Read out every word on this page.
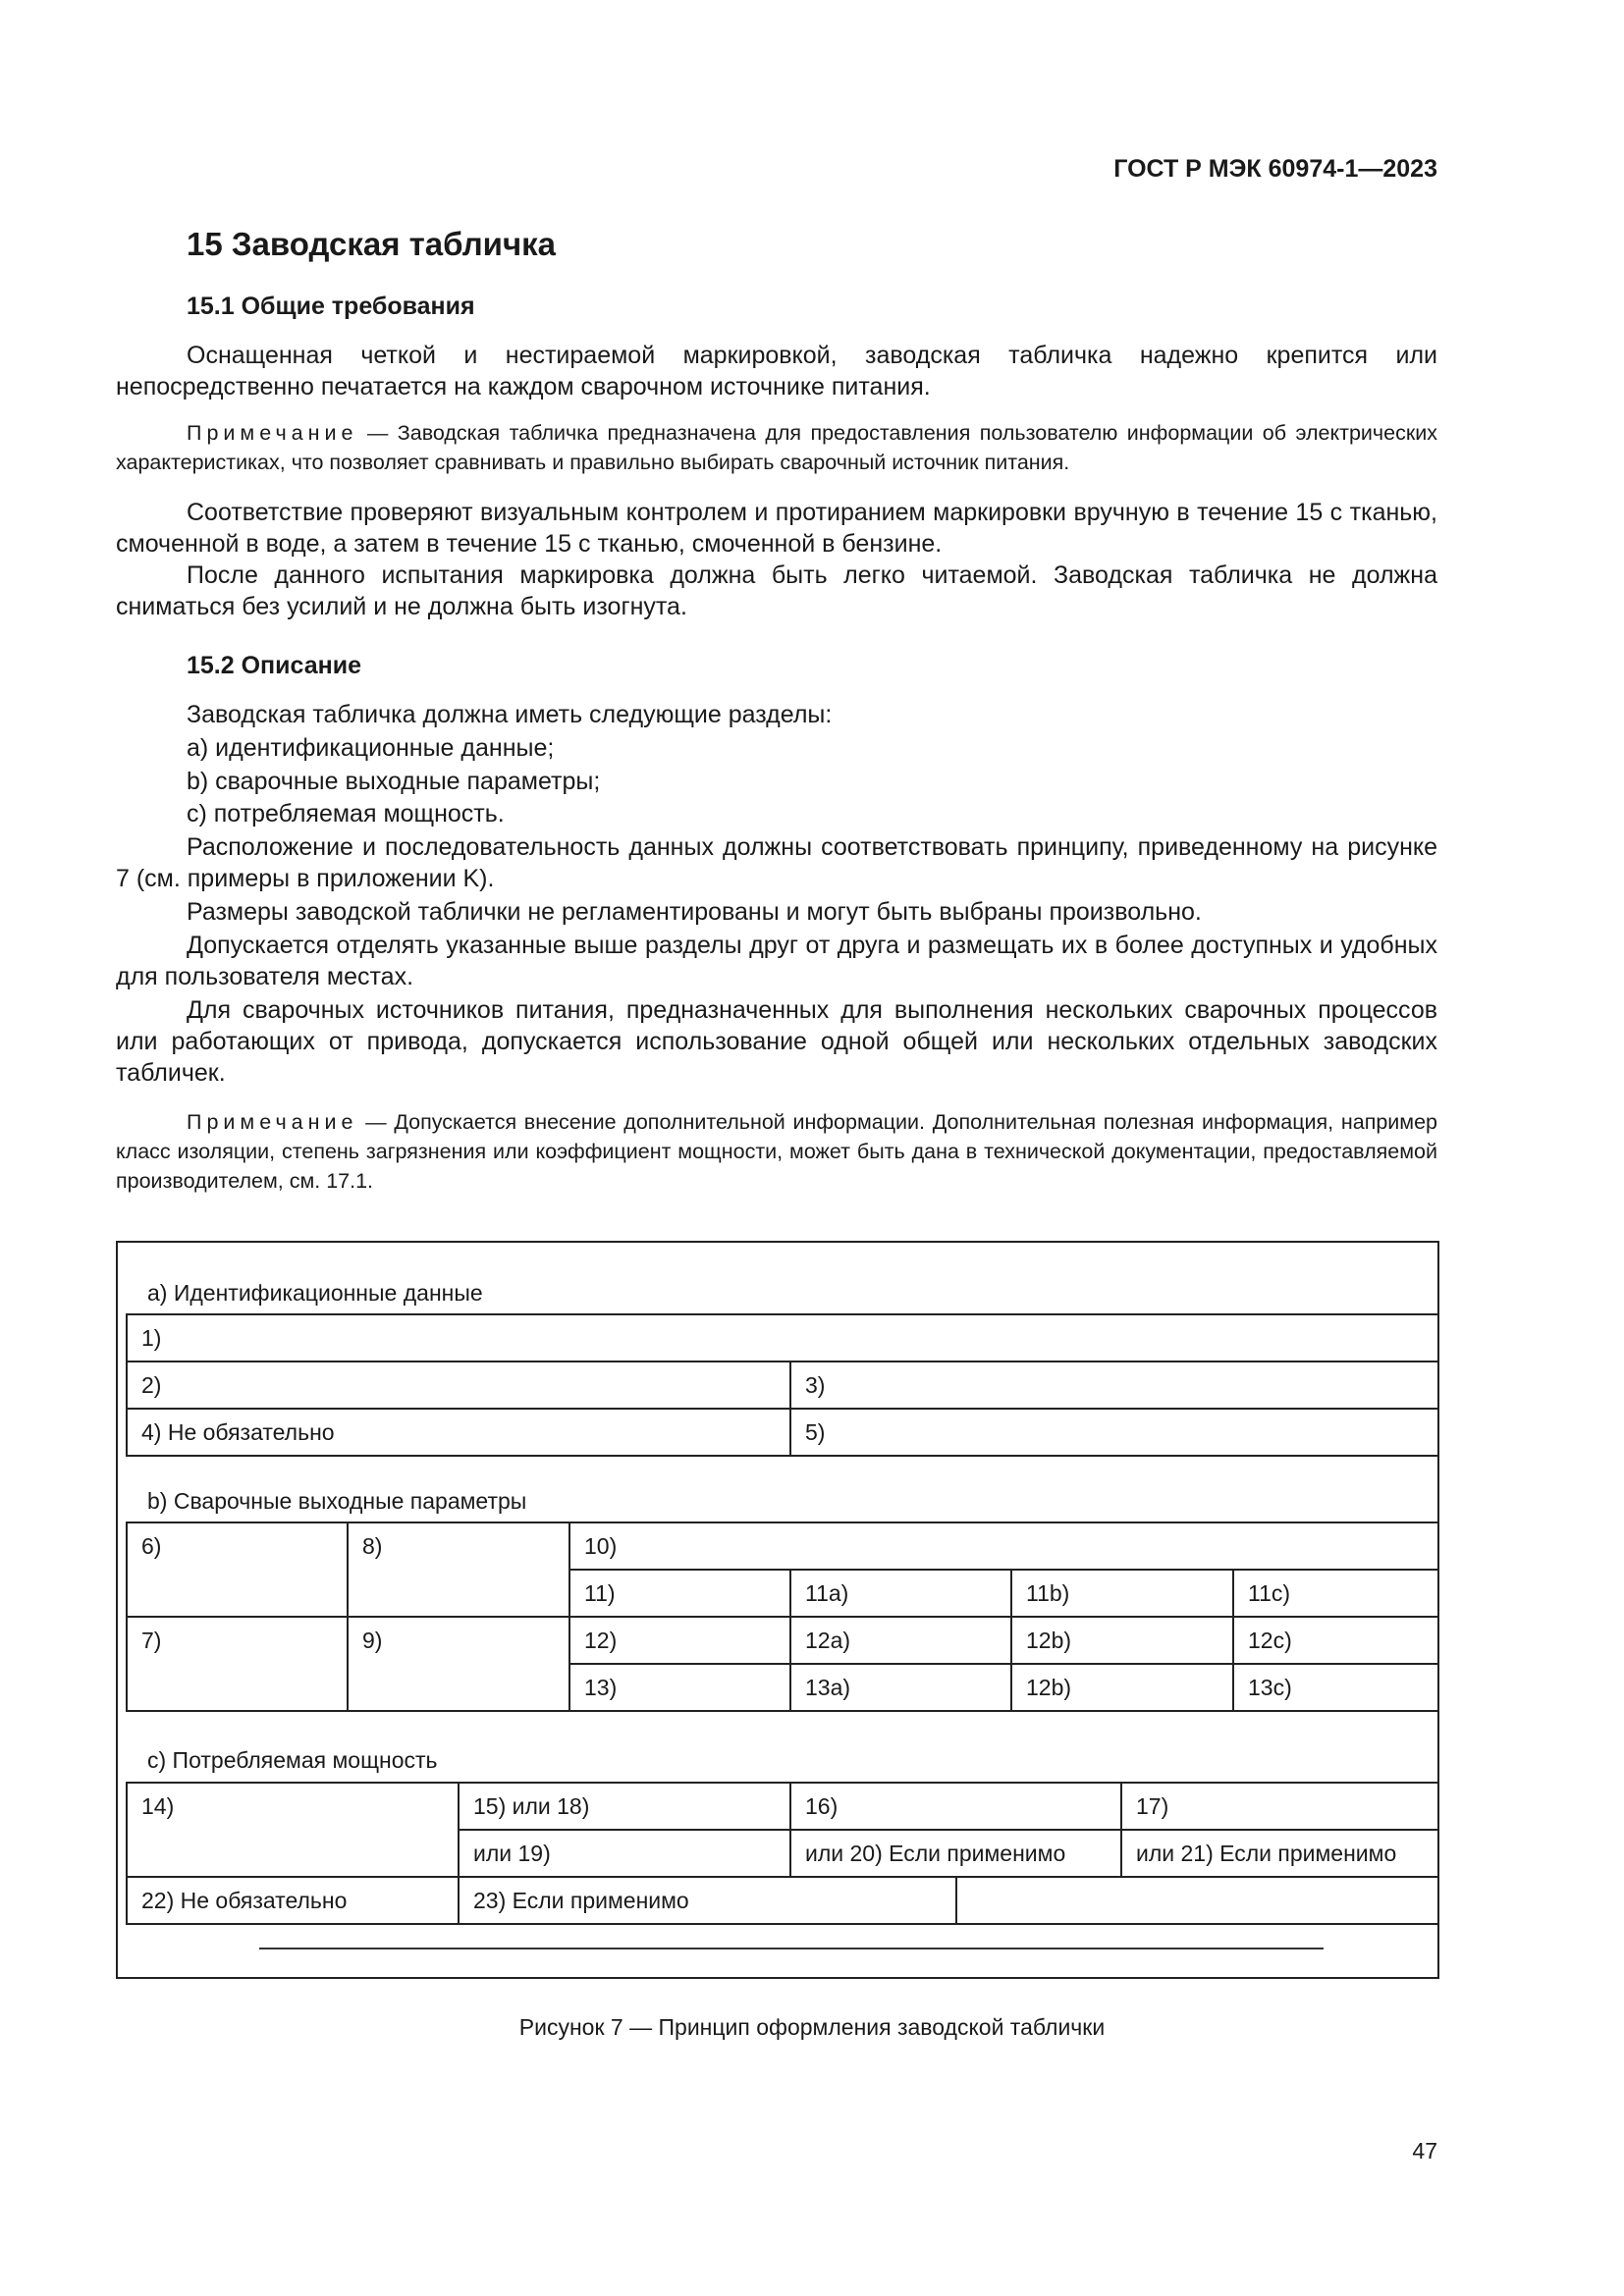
ГОСТ Р МЭК 60974-1—2023
15 Заводская табличка
15.1 Общие требования

Оснащенная четкой и нестираемой маркировкой, заводская табличка надежно крепится или непосредственно печатается на каждом сварочном источнике питания.

Примечание — Заводская табличка предназначена для предоставления пользователю информации об электрических характеристиках, что позволяет сравнивать и правильно выбирать сварочный источник питания.

Соответствие проверяют визуальным контролем и протиранием маркировки вручную в течение 15 с тканью, смоченной в воде, а затем в течение 15 с тканью, смоченной в бензине.

После данного испытания маркировка должна быть легко читаемой. Заводская табличка не должна сниматься без усилий и не должна быть изогнута.

15.2 Описание

Заводская табличка должна иметь следующие разделы:

a) идентификационные данные;

b) сварочные выходные параметры;

c) потребляемая мощность.

Расположение и последовательность данных должны соответствовать принципу, приведенному на рисунке 7 (см. примеры в приложении K).

Размеры заводской таблички не регламентированы и могут быть выбраны произвольно.

Допускается отделять указанные выше разделы друг от друга и размещать их в более доступных и удобных для пользователя местах.

Для сварочных источников питания, предназначенных для выполнения нескольких сварочных процессов или работающих от привода, допускается использование одной общей или нескольких отдельных заводских табличек.

Примечание — Допускается внесение дополнительной информации. Дополнительная полезная информация, например класс изоляции, степень загрязнения или коэффициент мощности, может быть дана в технической документации, предоставляемой производителем, см. 17.1.

a) Идентификационные данные
1)	
2)	3)
4) Не обязательно	5)
b) Сварочные выходные параметры
6)	8)	10)			
		11)	11a)	11b)	11c)
7)	9)	12)	12a)	12b)	12c)
		13)	13a)	12b)	13c)
c) Потребляемая мощность
14)	15) или 18)	16)		17)
	или 19)	или 20) Если применимо		или 21) Если применимо
22) Не обязательно	23) Если применимо			
Рисунок 7 — Принцип оформления заводской таблички
47
